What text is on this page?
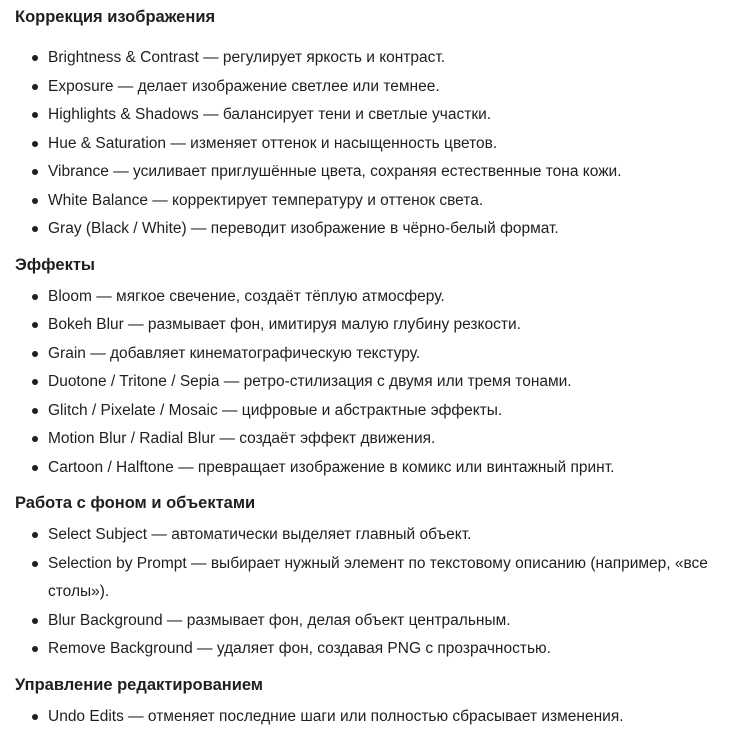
Коррекция изображения
Brightness & Contrast — регулирует яркость и контраст.
Exposure — делает изображение светлее или темнее.
Highlights & Shadows — балансирует тени и светлые участки.
Hue & Saturation — изменяет оттенок и насыщенность цветов.
Vibrance — усиливает приглушённые цвета, сохраняя естественные тона кожи.
White Balance — корректирует температуру и оттенок света.
Gray (Black / White) — переводит изображение в чёрно-белый формат.
Эффекты
Bloom — мягкое свечение, создаёт тёплую атмосферу.
Bokeh Blur — размывает фон, имитируя малую глубину резкости.
Grain — добавляет кинематографическую текстуру.
Duotone / Tritone / Sepia — ретро-стилизация с двумя или тремя тонами.
Glitch / Pixelate / Mosaic — цифровые и абстрактные эффекты.
Motion Blur / Radial Blur — создаёт эффект движения.
Cartoon / Halftone — превращает изображение в комикс или винтажный принт.
Работа с фоном и объектами
Select Subject — автоматически выделяет главный объект.
Selection by Prompt — выбирает нужный элемент по текстовому описанию (например, «все столы»).
Blur Background — размывает фон, делая объект центральным.
Remove Background — удаляет фон, создавая PNG с прозрачностью.
Управление редактированием
Undo Edits — отменяет последние шаги или полностью сбрасывает изменения.
